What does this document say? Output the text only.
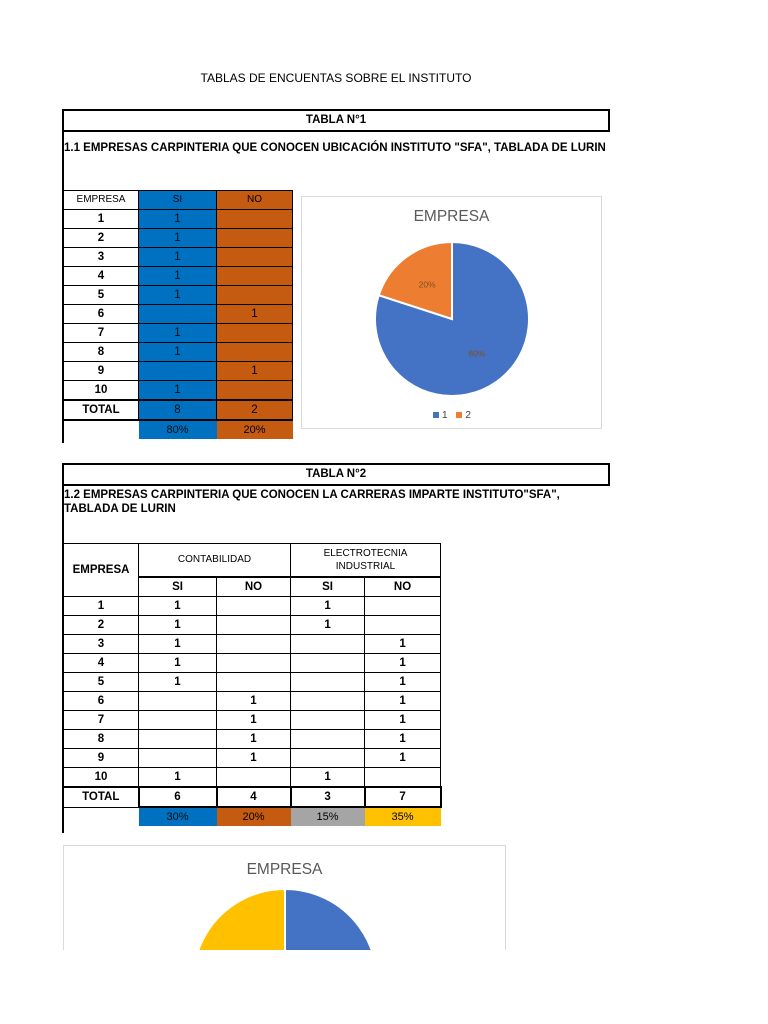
TABLAS DE ENCUENTAS SOBRE EL INSTITUTO
TABLA N°1
1.1 EMPRESAS CARPINTERIA QUE CONOCEN UBICACIÓN INSTITUTO "SFA", TABLADA DE LURIN
EMPRESA	SI	NO
1	1	
2	1	
3	1	
4	1	
5	1	
6		1
7	1	
8	1	
9		1
10	1	
TOTAL	8	2
	80%	20%
EMPRESA
80%
20%
1 2
TABLA N°2
1.2 EMPRESAS CARPINTERIA QUE CONOCEN LA CARRERAS IMPARTE INSTITUTO"SFA", TABLADA DE LURIN
EMPRESA	CONTABILIDAD		ELECTROTECNIA
INDUSTRIAL	

	SI	NO	SI	NO
1	1		1	
2	1		1	
3	1			1
4	1			1
5	1			1
6		1		1
7		1		1
8		1		1
9		1		1
10	1		1	
TOTAL	6	4	3	7
	30%	20%	15%	35%
EMPRESA
